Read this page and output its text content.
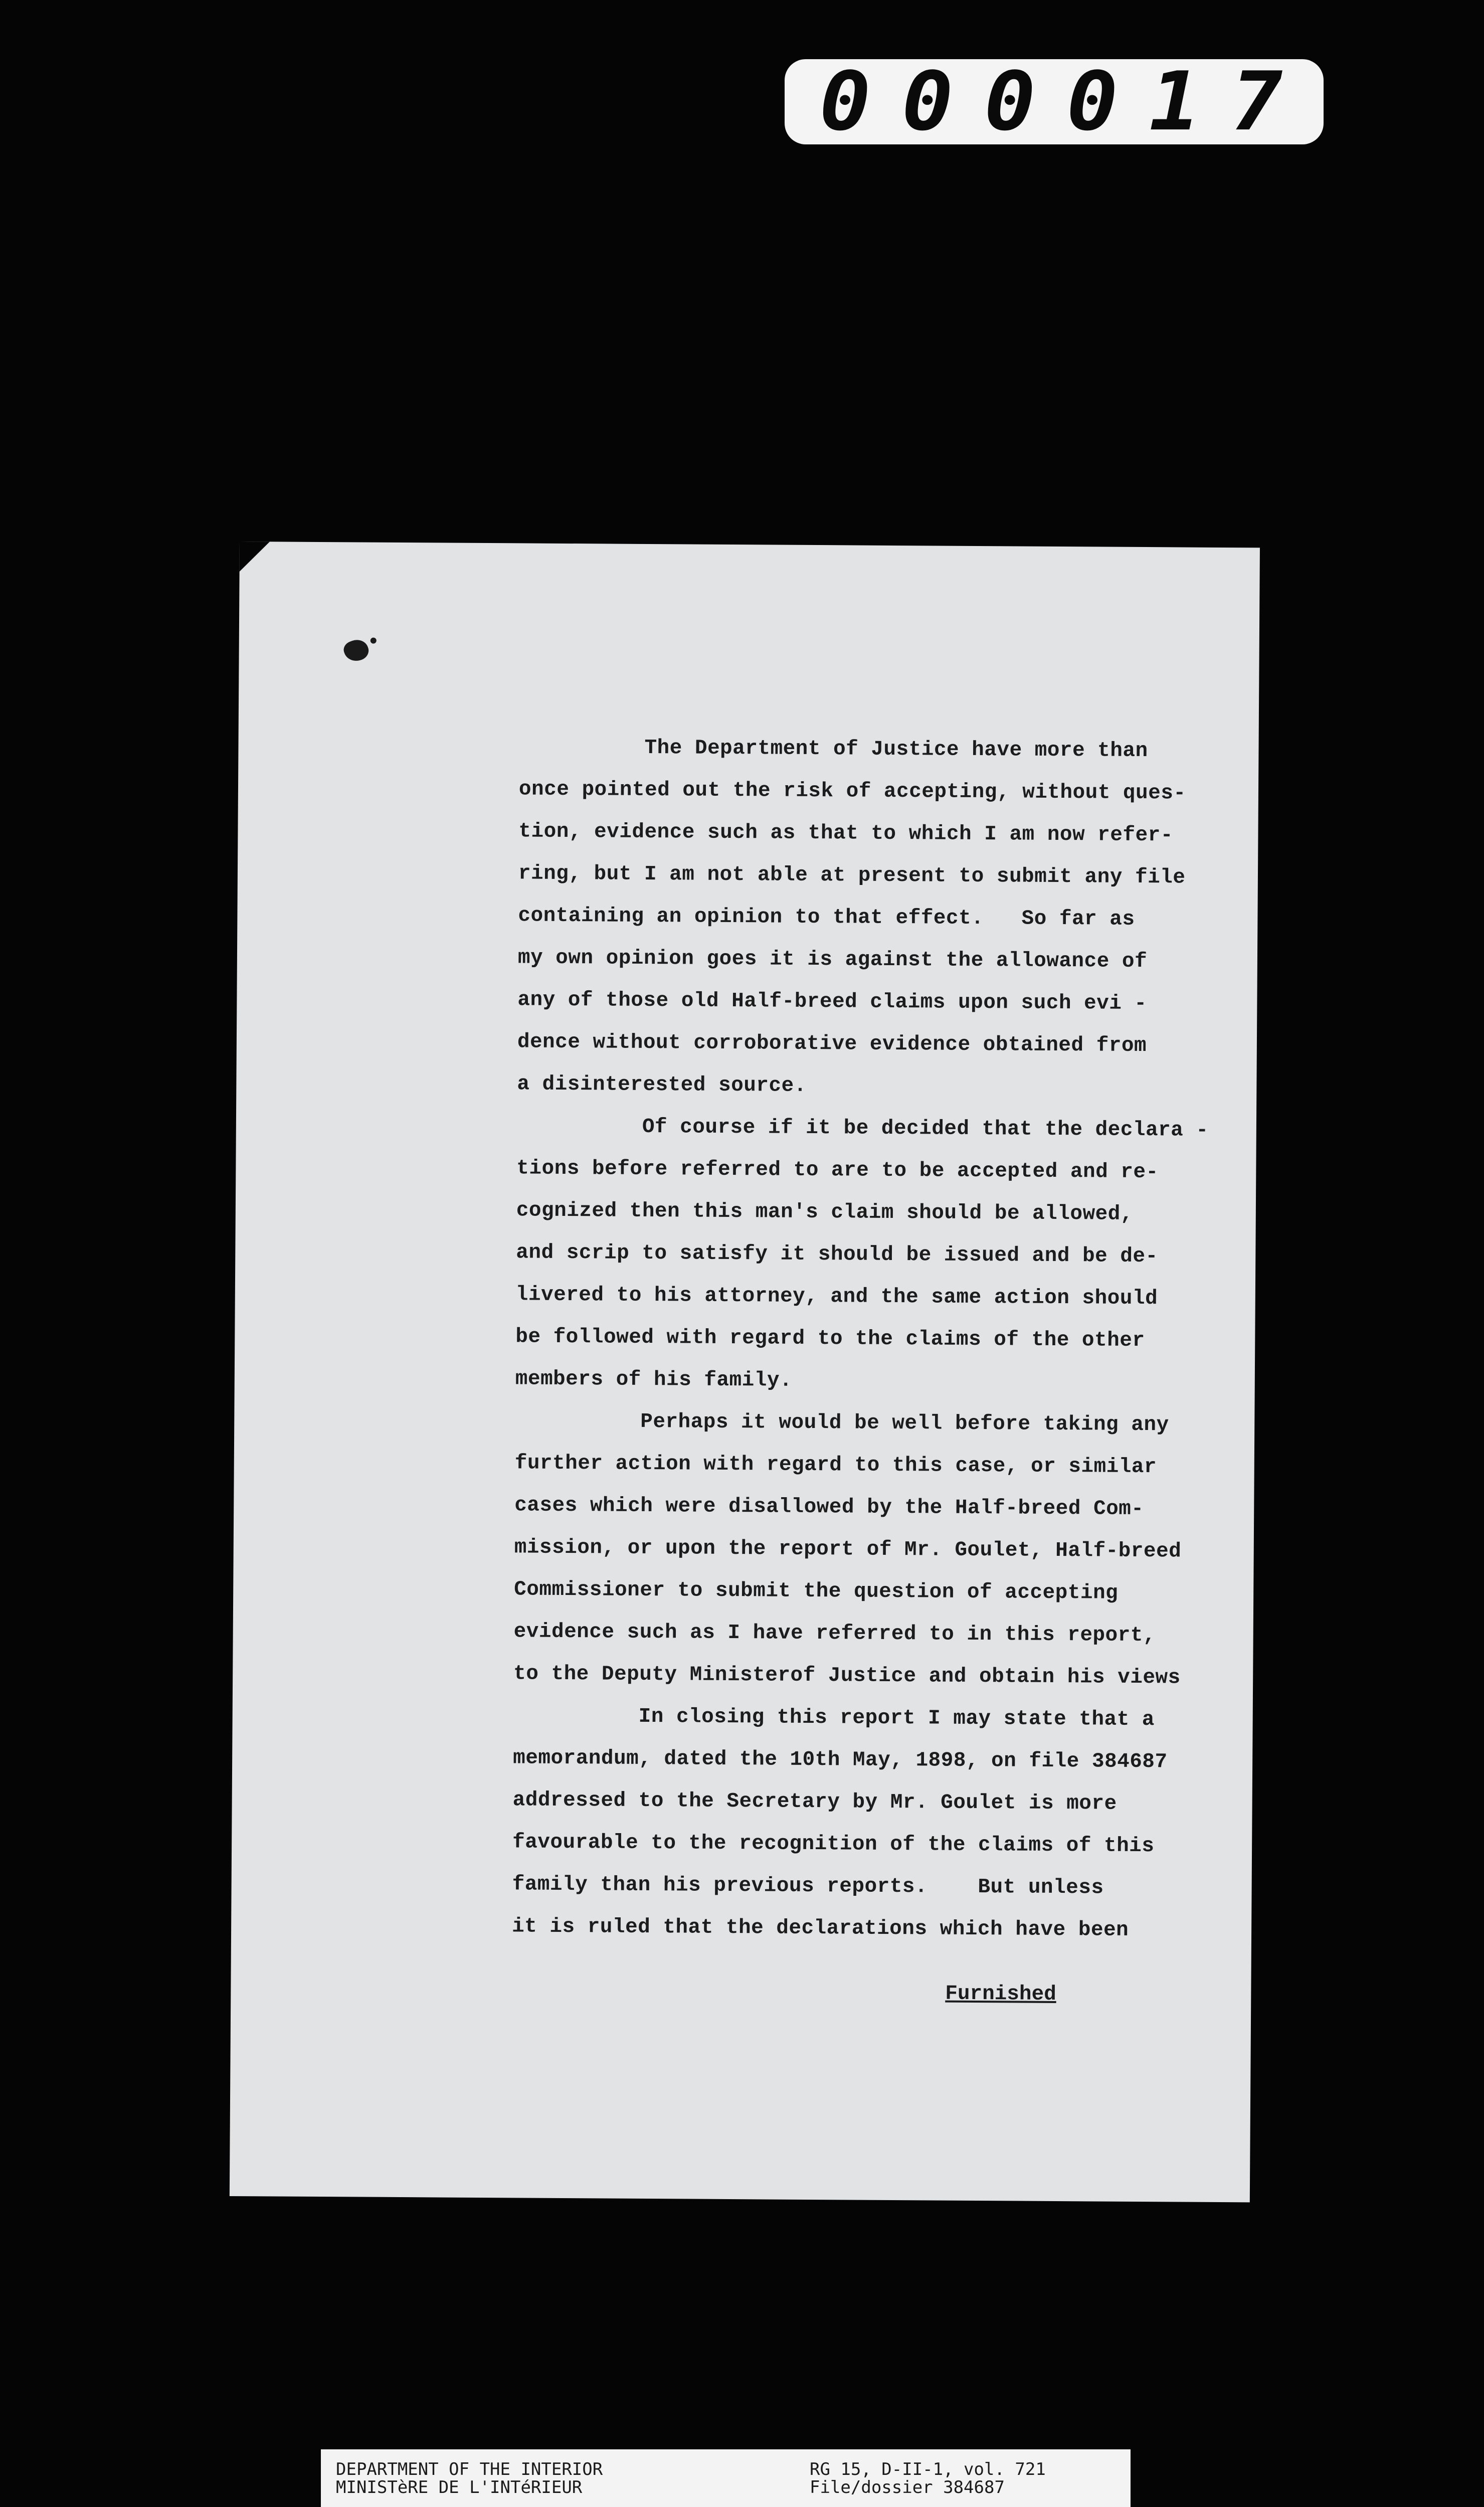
000017

The Department of Justice have more than

once pointed out the risk of accepting, without ques-

tion, evidence such as that to which I am now refer-

ring, but I am not able at present to submit any file

containing an opinion to that effect.   So far as

my own opinion goes it is against the allowance of

any of those old Half-breed claims upon such evi -

dence without corroborative evidence obtained from

a disinterested source.

Of course if it be decided that the declara -

tions before referred to are to be accepted and re-

cognized then this man's claim should be allowed,

and scrip to satisfy it should be issued and be de-

livered to his attorney, and the same action should

be followed with regard to the claims of the other

members of his family.

Perhaps it would be well before taking any

further action with regard to this case, or similar

cases which were disallowed by the Half-breed Com-

mission, or upon the report of Mr. Goulet, Half-breed

Commissioner to submit the question of accepting

evidence such as I have referred to in this report,

to the Deputy Ministerof Justice and obtain his views

In closing this report I may state that a

memorandum, dated the 10th May, 1898, on file 384687

addressed to the Secretary by Mr. Goulet is more

favourable to the recognition of the claims of this

family than his previous reports.    But unless

it is ruled that the declarations which have been

Furnished
DEPARTMENT OF THE INTERIOR
MINISTèRE DE L'INTéRIEUR
RG 15, D-II-1, vol. 721
File/dossier 384687
